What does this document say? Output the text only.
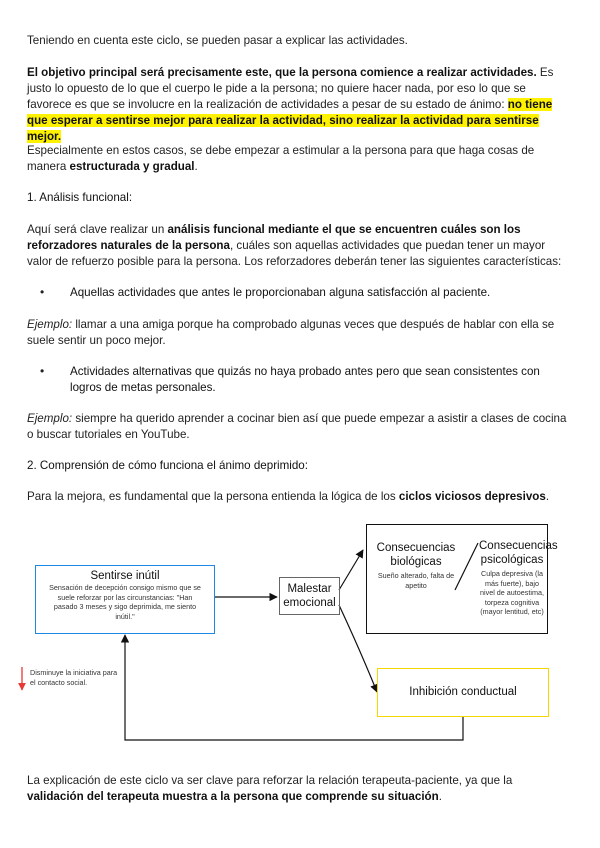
Teniendo en cuenta este ciclo, se pueden pasar a explicar las actividades.

El objetivo principal será precisamente este, que la persona comience a realizar actividades. Es justo lo opuesto de lo que el cuerpo le pide a la persona; no quiere hacer nada, por eso lo que se favorece es que se involucre en la realización de actividades a pesar de su estado de ánimo: no tiene que esperar a sentirse mejor para realizar la actividad, sino realizar la actividad para sentirse mejor.

Especialmente en estos casos, se debe empezar a estimular a la persona para que haga cosas de manera estructurada y gradual.

1. Análisis funcional:

Aquí será clave realizar un análisis funcional mediante el que se encuentren cuáles son los reforzadores naturales de la persona, cuáles son aquellas actividades que puedan tener un mayor valor de refuerzo posible para la persona. Los reforzadores deberán tener las siguientes características:

• Aquellas actividades que antes le proporcionaban alguna satisfacción al paciente.

Ejemplo: llamar a una amiga porque ha comprobado algunas veces que después de hablar con ella se suele sentir un poco mejor.

• Actividades alternativas que quizás no haya probado antes pero que sean consistentes con logros de metas personales.

Ejemplo: siempre ha querido aprender a cocinar bien así que puede empezar a asistir a clases de cocina o buscar tutoriales en YouTube.

2. Comprensión de cómo funciona el ánimo deprimido:

Para la mejora, es fundamental que la persona entienda la lógica de los ciclos viciosos depresivos.

La explicación de este ciclo va ser clave para reforzar la relación terapeuta-paciente, ya que la validación del terapeuta muestra a la persona que comprende su situación.

Sentirse inútil
Sensación de decepción consigo mismo que se suele reforzar por las circunstancias: "Han pasado 3 meses y sigo deprimida, me siento inútil."
Malestar emocional
Consecuencias biológicas
Sueño alterado, falta de apetito
Consecuencias psicológicas
Culpa depresiva (la más fuerte), bajo nivel de autoestima, torpeza cognitiva (mayor lentitud, etc)
Inhibición conductual
Disminuye la iniciativa para el contacto social.
